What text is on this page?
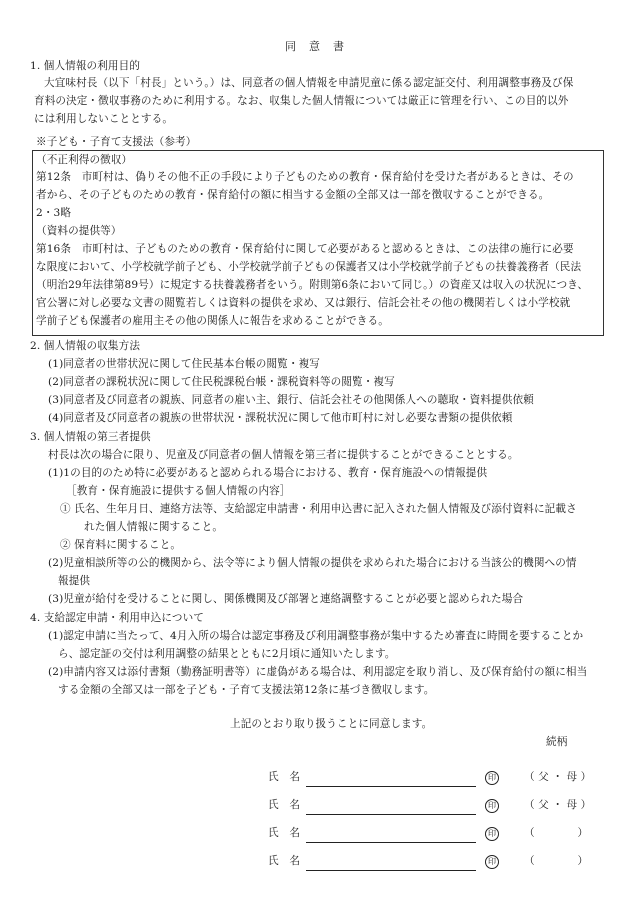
同　意　書
1. 個人情報の利用目的
大宜味村長（以下「村長」という。）は、同意者の個人情報を申請児童に係る認定証交付、利用調整事務及び保
育料の決定・徴収事務のために利用する。なお、収集した個人情報については厳正に管理を行い、この目的以外
には利用しないこととする。
※子ども・子育て支援法（参考）
（不正利得の徴収）
第12条　市町村は、偽りその他不正の手段により子どものための教育・保育給付を受けた者があるときは、その
者から、その子どものための教育・保育給付の額に相当する金額の全部又は一部を徴収することができる。
2・3略
（資料の提供等）
第16条　市町村は、子どものための教育・保育給付に関して必要があると認めるときは、この法律の施行に必要
な限度において、小学校就学前子ども、小学校就学前子どもの保護者又は小学校就学前子どもの扶養義務者（民法
（明治29年法律第89号）に規定する扶養義務者をいう。附則第6条において同じ。）の資産又は収入の状況につき、
官公署に対し必要な文書の閲覧若しくは資料の提供を求め、又は銀行、信託会社その他の機関若しくは小学校就
学前子ども保護者の雇用主その他の関係人に報告を求めることができる。
2. 個人情報の収集方法
(1)同意者の世帯状況に関して住民基本台帳の閲覧・複写
(2)同意者の課税状況に関して住民税課税台帳・課税資料等の閲覧・複写
(3)同意者及び同意者の親族、同意者の雇い主、銀行、信託会社その他関係人への聴取・資料提供依頼
(4)同意者及び同意者の親族の世帯状況・課税状況に関して他市町村に対し必要な書類の提供依頼
3. 個人情報の第三者提供
村長は次の場合に限り、児童及び同意者の個人情報を第三者に提供することができることとする。
(1)1の目的のため特に必要があると認められる場合における、教育・保育施設への情報提供
［教育・保育施設に提供する個人情報の内容］
① 氏名、生年月日、連絡方法等、支給認定申請書・利用申込書に記入された個人情報及び添付資料に記載さ
れた個人情報に関すること。
② 保育料に関すること。
(2)児童相談所等の公的機関から、法令等により個人情報の提供を求められた場合における当該公的機関への情
報提供
(3)児童が給付を受けることに関し、関係機関及び部署と連絡調整することが必要と認められた場合
4. 支給認定申請・利用申込について
(1)認定申請に当たって、4月入所の場合は認定事務及び利用調整事務が集中するため審査に時間を要することか
ら、認定証の交付は利用調整の結果とともに2月頃に通知いたします。
(2)申請内容又は添付書類（勤務証明書等）に虚偽がある場合は、利用認定を取り消し、及び保育給付の額に相当
する金額の全部又は一部を子ども・子育て支援法第12条に基づき徴収します。
上記のとおり取り扱うことに同意します。
続柄
氏　名	印	（ 父 ・ 母 ）
氏　名	印	（ 父 ・ 母 ）
氏　名	印	（　　　　）
氏　名	印	（　　　　）
